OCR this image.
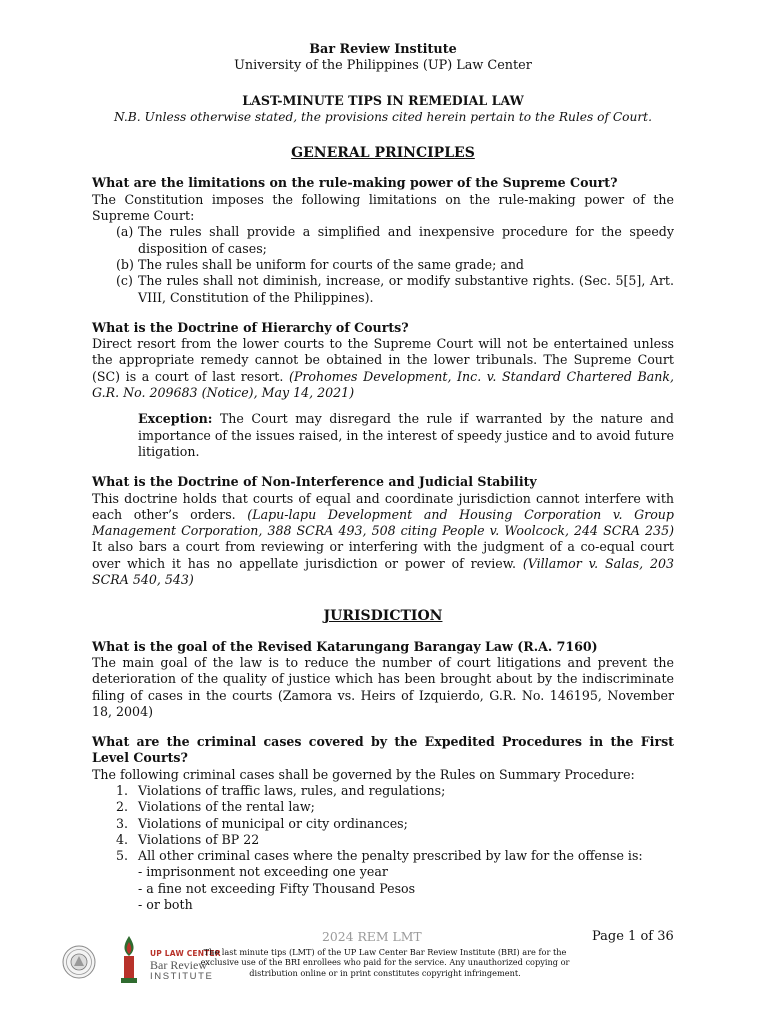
Bar Review Institute
University of the Philippines (UP) Law Center
LAST-MINUTE TIPS IN REMEDIAL LAW
N.B. Unless otherwise stated, the provisions cited herein pertain to the Rules of Court.
GENERAL PRINCIPLES
What are the limitations on the rule-making power of the Supreme Court?
The Constitution imposes the following limitations on the rule-making power of the Supreme Court:
(a) The rules shall provide a simplified and inexpensive procedure for the speedy disposition of cases;
(b) The rules shall be uniform for courts of the same grade; and
(c) The rules shall not diminish, increase, or modify substantive rights. (Sec. 5[5], Art. VIII, Constitution of the Philippines).
What is the Doctrine of Hierarchy of Courts?
Direct resort from the lower courts to the Supreme Court will not be entertained unless the appropriate remedy cannot be obtained in the lower tribunals. The Supreme Court (SC) is a court of last resort. (Prohomes Development, Inc. v. Standard Chartered Bank, G.R. No. 209683 (Notice), May 14, 2021)
Exception: The Court may disregard the rule if warranted by the nature and importance of the issues raised, in the interest of speedy justice and to avoid future litigation.
What is the Doctrine of Non-Interference and Judicial Stability
This doctrine holds that courts of equal and coordinate jurisdiction cannot interfere with each other’s orders. (Lapu-lapu Development and Housing Corporation v. Group Management Corporation, 388 SCRA 493, 508 citing People v. Woolcock, 244 SCRA 235) It also bars a court from reviewing or interfering with the judgment of a co-equal court over which it has no appellate jurisdiction or power of review. (Villamor v. Salas, 203 SCRA 540, 543)
JURISDICTION
What is the goal of the Revised Katarungang Barangay Law (R.A. 7160)
The main goal of the law is to reduce the number of court litigations and prevent the deterioration of the quality of justice which has been brought about by the indiscriminate filing of cases in the courts (Zamora vs. Heirs of Izquierdo, G.R. No. 146195, November 18, 2004)
What are the criminal cases covered by the Expedited Procedures in the First Level Courts?
The following criminal cases shall be governed by the Rules on Summary Procedure:
1. Violations of traffic laws, rules, and regulations;
2. Violations of the rental law;
3. Violations of municipal or city ordinances;
4. Violations of BP 22
5. All other criminal cases where the penalty prescribed by law for the offense is:
- imprisonment not exceeding one year
- a fine not exceeding Fifty Thousand Pesos
- or both
2024 REM LMT	Page 1 of 36
UP LAW CENTER
Bar Review
INSTITUTE
The last minute tips (LMT) of the UP Law Center Bar Review Institute (BRI) are for the exclusive use of the BRI enrollees who paid for the service. Any unauthorized copying or distribution online or in print constitutes copyright infringement.
